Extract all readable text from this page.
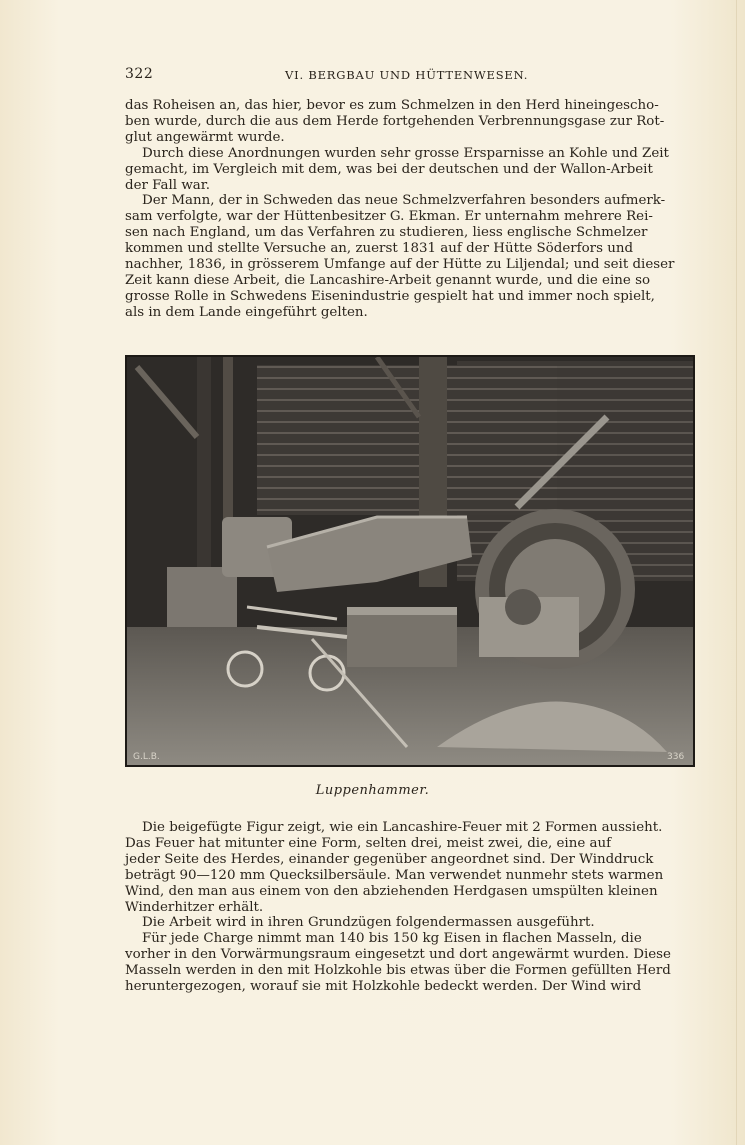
322	VI. BERGBAU UND HÜTTENWESEN.
das Roheisen an, das hier, bevor es zum Schmelzen in den Herd hineingescho-
ben wurde, durch die aus dem Herde fortgehenden Verbrennungsgase zur Rot-
glut angewärmt wurde.
Durch diese Anordnungen wurden sehr grosse Ersparnisse an Kohle und Zeit
gemacht, im Vergleich mit dem, was bei der deutschen und der Wallon-Arbeit
der Fall war.
Der Mann, der in Schweden das neue Schmelzverfahren besonders aufmerk-
sam verfolgte, war der Hüttenbesitzer G. Ekman. Er unternahm mehrere Rei-
sen nach England, um das Verfahren zu studieren, liess englische Schmelzer
kommen und stellte Versuche an, zuerst 1831 auf der Hütte Söderfors und
nachher, 1836, in grösserem Umfange auf der Hütte zu Liljendal; und seit dieser
Zeit kann diese Arbeit, die Lancashire-Arbeit genannt wurde, und die eine so
grosse Rolle in Schwedens Eisenindustrie gespielt hat und immer noch spielt,
als in dem Lande eingeführt gelten.
G.L.B.	336
Luppenhammer.
Die beigefügte Figur zeigt, wie ein Lancashire-Feuer mit 2 Formen aussieht.
Das Feuer hat mitunter eine Form, selten drei, meist zwei, die, eine auf
jeder Seite des Herdes, einander gegenüber angeordnet sind. Der Winddruck
beträgt 90—120 mm Quecksilbersäule. Man verwendet nunmehr stets warmen
Wind, den man aus einem von den abziehenden Herdgasen umspülten kleinen
Winderhitzer erhält.
Die Arbeit wird in ihren Grundzügen folgendermassen ausgeführt.
Für jede Charge nimmt man 140 bis 150 kg Eisen in flachen Masseln, die
vorher in den Vorwärmungsraum eingesetzt und dort angewärmt wurden. Diese
Masseln werden in den mit Holzkohle bis etwas über die Formen gefüllten Herd
heruntergezogen, worauf sie mit Holzkohle bedeckt werden. Der Wind wird
